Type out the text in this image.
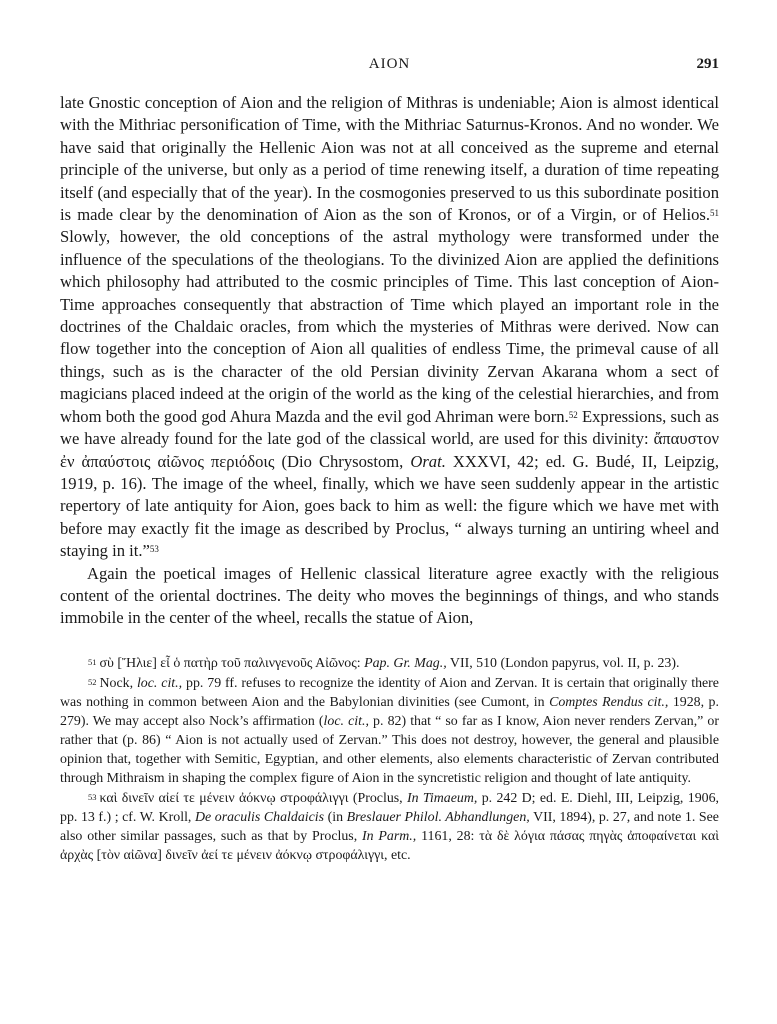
AION	291

late Gnostic conception of Aion and the religion of Mithras is undeniable; Aion is almost identical with the Mithriac personification of Time, with the Mithriac Saturnus-Kronos. And no wonder. We have said that originally the Hellenic Aion was not at all conceived as the supreme and eternal principle of the universe, but only as a period of time renewing itself, a duration of time repeating itself (and especially that of the year). In the cosmogonies preserved to us this subordinate position is made clear by the denomination of Aion as the son of Kronos, or of a Virgin, or of Helios.$^{51}$ Slowly, however, the old conceptions of the astral mythology were transformed under the influence of the speculations of the theologians. To the divinized Aion are applied the definitions which philosophy had attributed to the cosmic principles of Time. This last conception of Aion-Time approaches consequently that abstraction of Time which played an important role in the doctrines of the Chaldaic oracles, from which the mysteries of Mithras were derived. Now can flow together into the conception of Aion all qualities of endless Time, the primeval cause of all things, such as is the character of the old Persian divinity Zervan Akarana whom a sect of magicians placed indeed at the origin of the world as the king of the celestial hierarchies, and from whom both the good god Ahura Mazda and the evil god Ahriman were born.$^{52}$ Expressions, such as we have already found for the late god of the classical world, are used for this divinity: ἄπαυστον ἐν ἀπαύστοις αἰῶνος περιόδοις (Dio Chrysostom, Orat. XXXVI, 42; ed. G. Budé, II, Leipzig, 1919, p. 16). The image of the wheel, finally, which we have seen suddenly appear in the artistic repertory of late antiquity for Aion, goes back to him as well: the figure which we have met with before may exactly fit the image as described by Proclus, “ always turning an untiring wheel and staying in it.”$^{53}$

Again the poetical images of Hellenic classical literature agree exactly with the religious content of the oriental doctrines. The deity who moves the beginnings of things, and who stands immobile in the center of the wheel, recalls the statue of Aion,

$^{51}$ σὺ [Ἤλιε] εἶ ὁ πατὴρ τοῦ παλινγενοῦς Αἰῶνος: Pap. Gr. Mag., VII, 510 (London papyrus, vol. II, p. 23).

$^{52}$ Nock, loc. cit., pp. 79 ff. refuses to recognize the identity of Aion and Zervan. It is certain that originally there was nothing in common between Aion and the Babylonian divinities (see Cumont, in Comptes Rendus cit., 1928, p. 279). We may accept also Nock’s affirmation (loc. cit., p. 82) that “ so far as I know, Aion never renders Zervan,” or rather that (p. 86) “ Aion is not actually used of Zervan.” This does not destroy, however, the general and plausible opinion that, together with Semitic, Egyptian, and other elements, also elements characteristic of Zervan contributed through Mithraism in shaping the complex figure of Aion in the syncretistic religion and thought of late antiquity.

$^{53}$ καὶ δινεῖν αἰεί τε μένειν ἀόκνῳ στροφάλιγγι (Proclus, In Timaeum, p. 242 D; ed. E. Diehl, III, Leipzig, 1906, pp. 13 f.) ; cf. W. Kroll, De oraculis Chaldaicis (in Breslauer Philol. Abhandlungen, VII, 1894), p. 27, and note 1. See also other similar passages, such as that by Proclus, In Parm., 1161, 28: τὰ δὲ λόγια πάσας πηγὰς ἀποφαίνεται καὶ ἀρχὰς [τὸν αἰῶνα] δινεῖν ἀεί τε μένειν ἀόκνῳ στροφάλιγγι, etc.
